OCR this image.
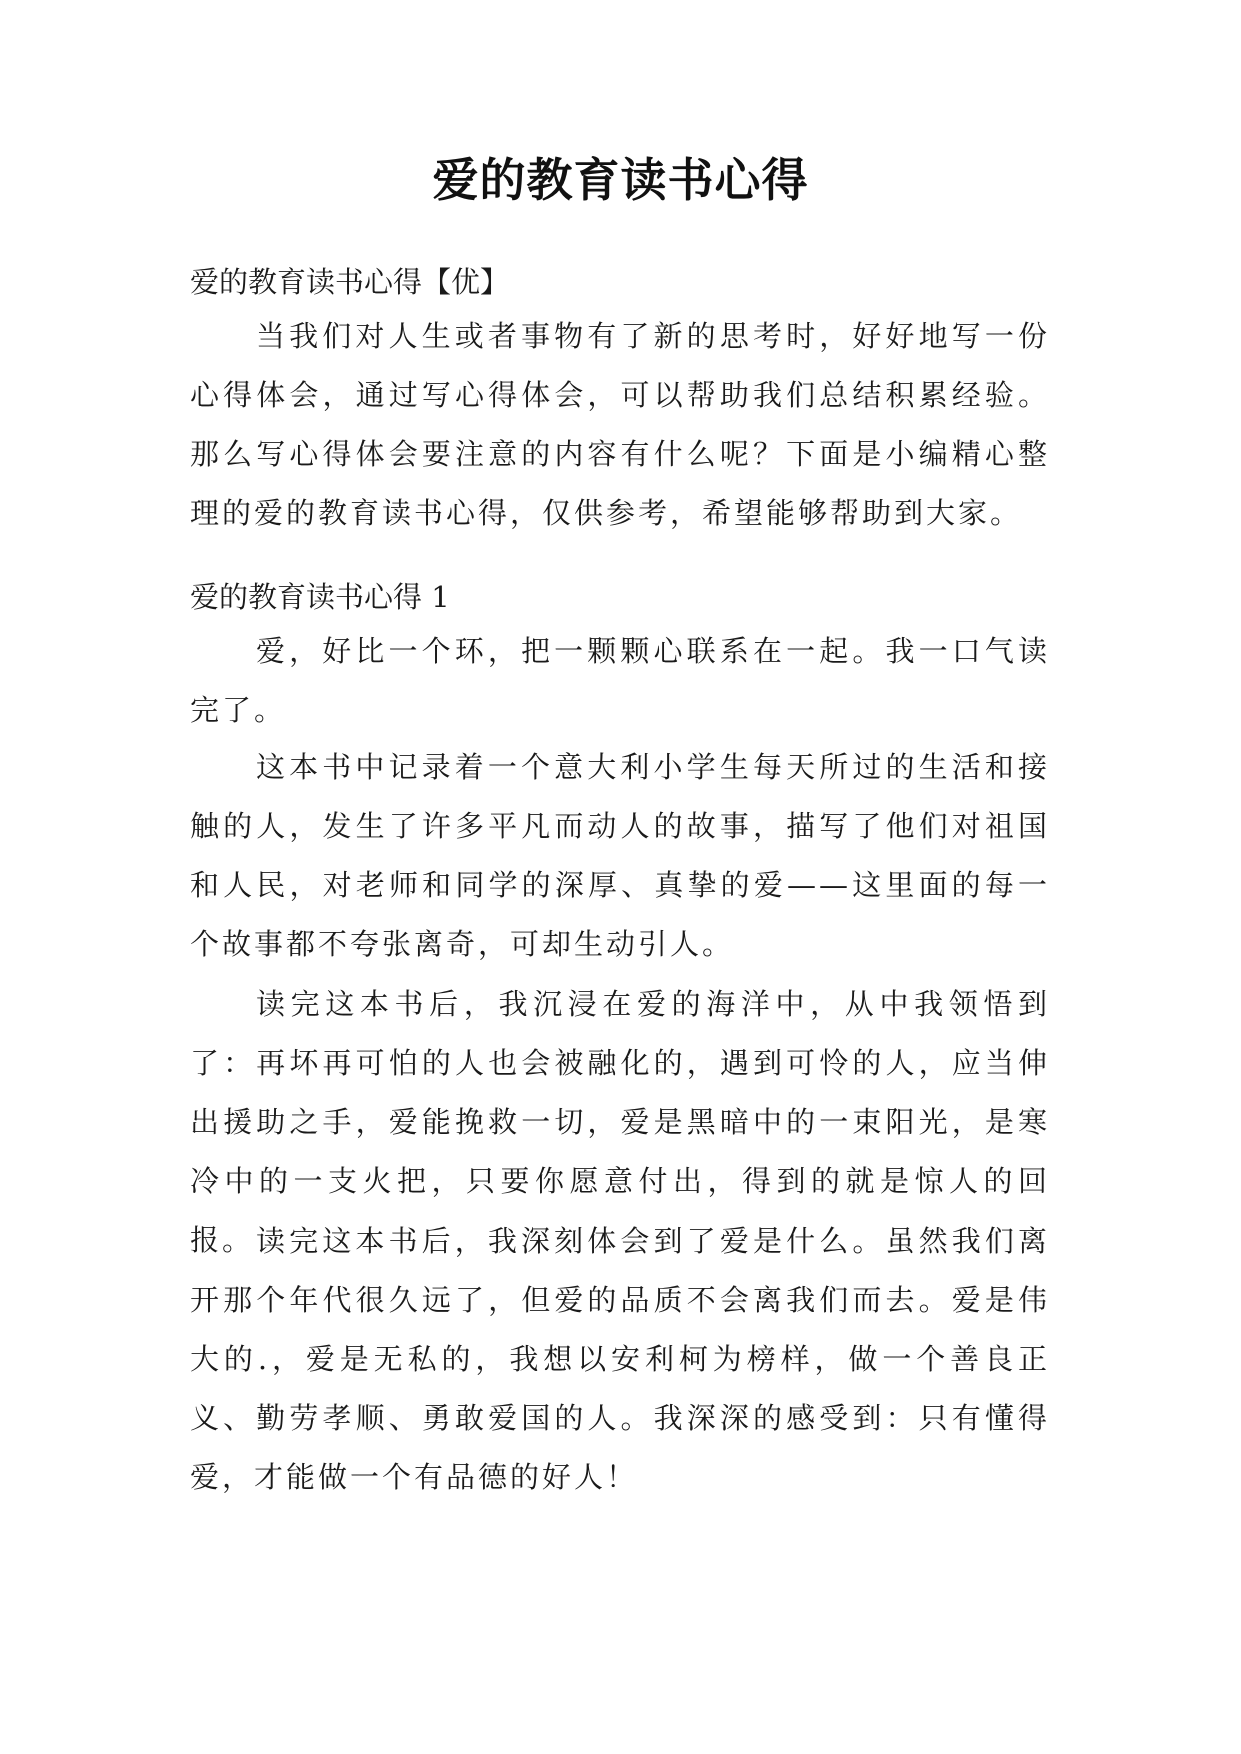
爱的教育读书心得
爱的教育读书心得【优】

当我们对人生或者事物有了新的思考时，好好地写一份心得体会，通过写心得体会，可以帮助我们总结积累经验。那么写心得体会要注意的内容有什么呢？下面是小编精心整理的爱的教育读书心得，仅供参考，希望能够帮助到大家。

爱的教育读书心得 1

爱，好比一个环，把一颗颗心联系在一起。我一口气读完了。

这本书中记录着一个意大利小学生每天所过的生活和接触的人，发生了许多平凡而动人的故事，描写了他们对祖国和人民，对老师和同学的深厚、真挚的爱——这里面的每一个故事都不夸张离奇，可却生动引人。

读完这本书后，我沉浸在爱的海洋中，从中我领悟到了：再坏再可怕的人也会被融化的，遇到可怜的人，应当伸出援助之手，爱能挽救一切，爱是黑暗中的一束阳光，是寒冷中的一支火把，只要你愿意付出，得到的就是惊人的回报。 读完这本书后，我深刻体会到了爱是什么。虽然我们离开那个年代很久远了，但爱的品质不会离我们而去。爱是伟大的.，爱是无私的，我想以安利柯为榜样，做一个善良正义、勤劳孝顺、勇敢爱国的人。我深深的感受到：只有懂得爱，才能做一个有品德的好人！
